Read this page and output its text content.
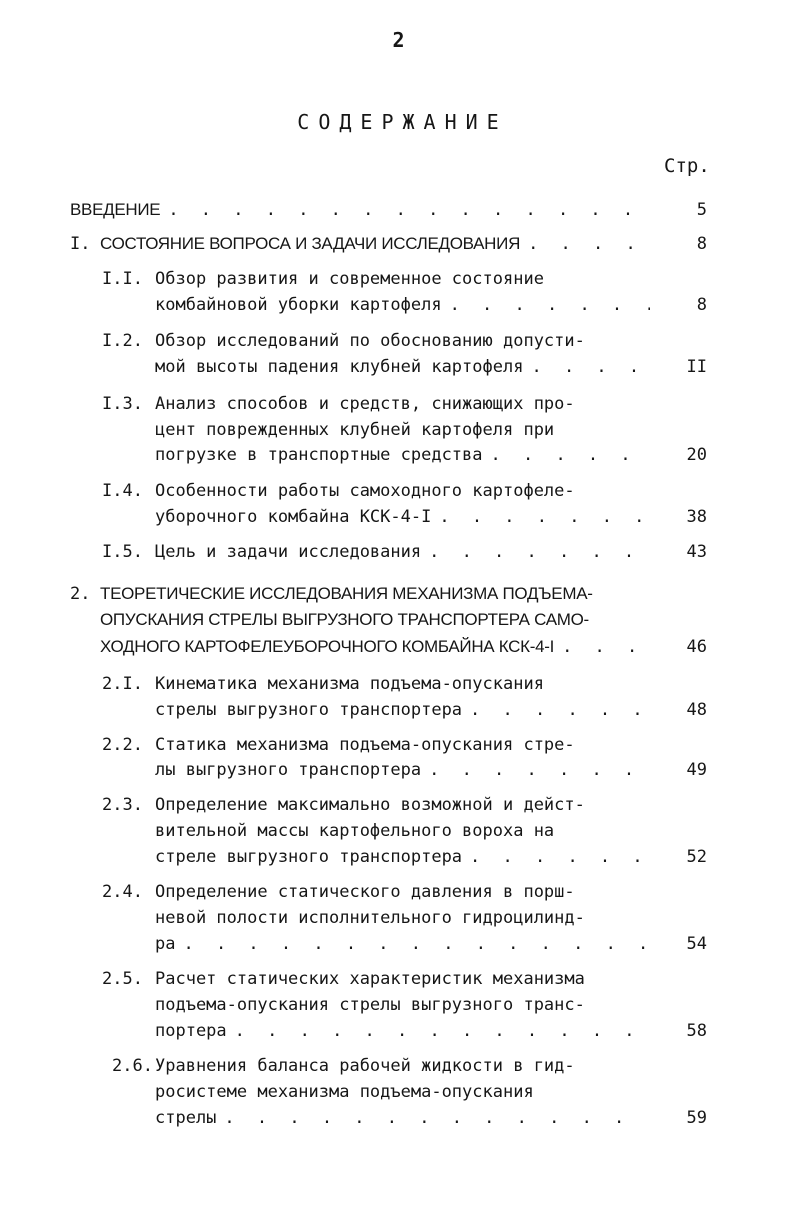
2
СОДЕРЖАНИЕ
Стр.
ВВЕДЕНИЕ . . .	5
I. СОСТОЯНИЕ ВОПРОСА И ЗАДАЧИ ИССЛЕДОВАНИЯ . . .	8
I.I. Обзор развития и современное состояние
комбайновой уборки картофеля . . .	8
I.2. Обзор исследований по обоснованию допусти-
мой высоты падения клубней картофеля . . .	II
I.3. Анализ способов и средств, снижающих про-
цент поврежденных клубней картофеля при
погрузке в транспортные средства . . .	20
I.4. Особенности работы самоходного картофеле-
уборочного комбайна КСК-4-I . . .	38
I.5. Цель и задачи исследования . . .	43
2. ТЕОРЕТИЧЕСКИЕ ИССЛЕДОВАНИЯ МЕХАНИЗМА ПОДЪЕМА-
ОПУСКАНИЯ СТРЕЛЫ ВЫГРУЗНОГО ТРАНСПОРТЕРА САМО-
ХОДНОГО КАРТОФЕЛЕУБОРОЧНОГО КОМБАЙНА КСК-4-I . . .	46
2.I. Кинематика механизма подъема-опускания
стрелы выгрузного транспортера . . .	48
2.2. Статика механизма подъема-опускания стре-
лы выгрузного транспортера . . .	49
2.3. Определение максимально возможной и дейст-
вительной массы картофельного вороха на
стреле выгрузного транспортера . . .	52
2.4. Определение статического давления в порш-
невой полости исполнительного гидроцилинд-
ра . . .	54
2.5. Расчет статических характеристик механизма
подъема-опускания стрелы выгрузного транс-
портера . . .	58
2.6. Уравнения баланса рабочей жидкости в гид-
росистеме механизма подъема-опускания
стрелы . . .	59
